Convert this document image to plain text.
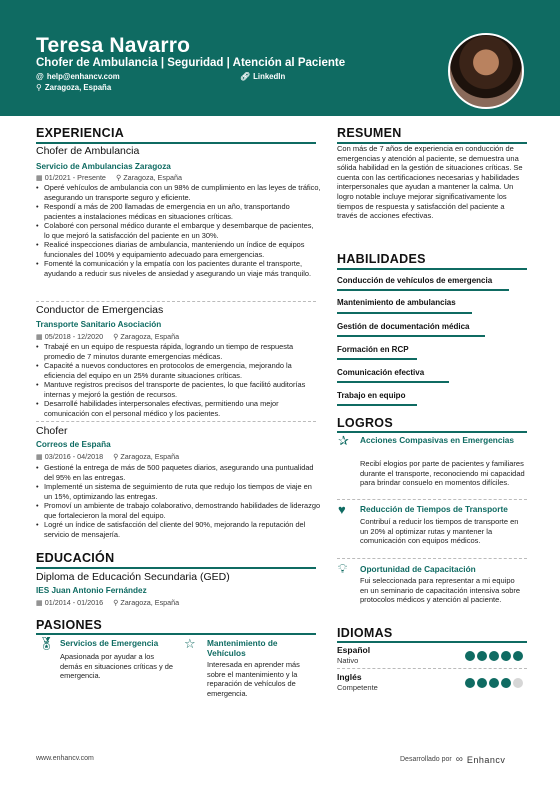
Teresa Navarro
Chofer de Ambulancia | Seguridad | Atención al Paciente
@ help@enhancv.com	🔗︎ LinkedIn
⚲ Zaragoza, España
EXPERIENCIA
Chofer de Ambulancia
Servicio de Ambulancias Zaragoza
▦ 01/2021 - Presente ⚲ Zaragoza, España
• Operé vehículos de ambulancia con un 98% de cumplimiento en las leyes de tráfico, asegurando un transporte seguro y eficiente.
• Respondí a más de 200 llamadas de emergencia en un año, transportando pacientes a instalaciones médicas en situaciones críticas.
• Colaboré con personal médico durante el embarque y desembarque de pacientes, lo que mejoró la satisfacción del paciente en un 30%.
• Realicé inspecciones diarias de ambulancia, manteniendo un índice de equipos funcionales del 100% y equipamiento adecuado para emergencias.
• Fomenté la comunicación y la empatía con los pacientes durante el transporte, ayudando a reducir sus niveles de ansiedad y asegurando un viaje más tranquilo.
Conductor de Emergencias
Transporte Sanitario Asociación
▦ 05/2018 - 12/2020 ⚲ Zaragoza, España
• Trabajé en un equipo de respuesta rápida, logrando un tiempo de respuesta promedio de 7 minutos durante emergencias médicas.
• Capacité a nuevos conductores en protocolos de emergencia, mejorando la eficiencia del equipo en un 25% durante situaciones críticas.
• Mantuve registros precisos del transporte de pacientes, lo que facilitó auditorías internas y mejoró la gestión de recursos.
• Desarrollé habilidades interpersonales efectivas, permitiendo una mejor comunicación con el personal médico y los pacientes.
Chofer
Correos de España
▦ 03/2016 - 04/2018 ⚲ Zaragoza, España
• Gestioné la entrega de más de 500 paquetes diarios, asegurando una puntualidad del 95% en las entregas.
• Implementé un sistema de seguimiento de ruta que redujo los tiempos de viaje en un 15%, optimizando las entregas.
• Promoví un ambiente de trabajo colaborativo, demostrando habilidades de liderazgo que fortalecieron la moral del equipo.
• Logré un índice de satisfacción del cliente del 90%, mejorando la reputación del servicio de mensajería.
EDUCACIÓN
Diploma de Educación Secundaria (GED)
IES Juan Antonio Fernández
▦ 01/2014 - 01/2016 ⚲ Zaragoza, España
PASIONES
🏅︎ Servicios de Emergencia
Apasionada por ayudar a los demás en situaciones críticas y de emergencia.
☆ Mantenimiento de Vehículos
Interesada en aprender más sobre el mantenimiento y la reparación de vehículos de emergencia.
RESUMEN
Con más de 7 años de experiencia en conducción de emergencias y atención al paciente, se demuestra una sólida habilidad en la gestión de situaciones críticas. Se cuenta con las certificaciones necesarias y habilidades interpersonales que ayudan a mantener la calma. Un logro notable incluye mejorar significativamente los tiempos de respuesta y satisfacción del paciente a través de acciones efectivas.
HABILIDADES
Conducción de vehículos de emergencia
Mantenimiento de ambulancias
Gestión de documentación médica
Formación en RCP
Comunicación efectiva
Trabajo en equipo
LOGROS
✰ Acciones Compasivas en Emergencias
Recibí elogios por parte de pacientes y familiares durante el transporte, reconociendo mi capacidad para brindar consuelo en momentos difíciles.
♥ Reducción de Tiempos de Transporte
Contribuí a reducir los tiempos de transporte en un 20% al optimizar rutas y mantener la comunicación con equipos médicos.
💡︎ Oportunidad de Capacitación
Fui seleccionada para representar a mi equipo en un seminario de capacitación intensiva sobre protocolos médicos y atención al paciente.
IDIOMAS
Español
Nativo
Inglés
Competente
www.enhancv.com	Desarrollado por ∞ Enhancv
